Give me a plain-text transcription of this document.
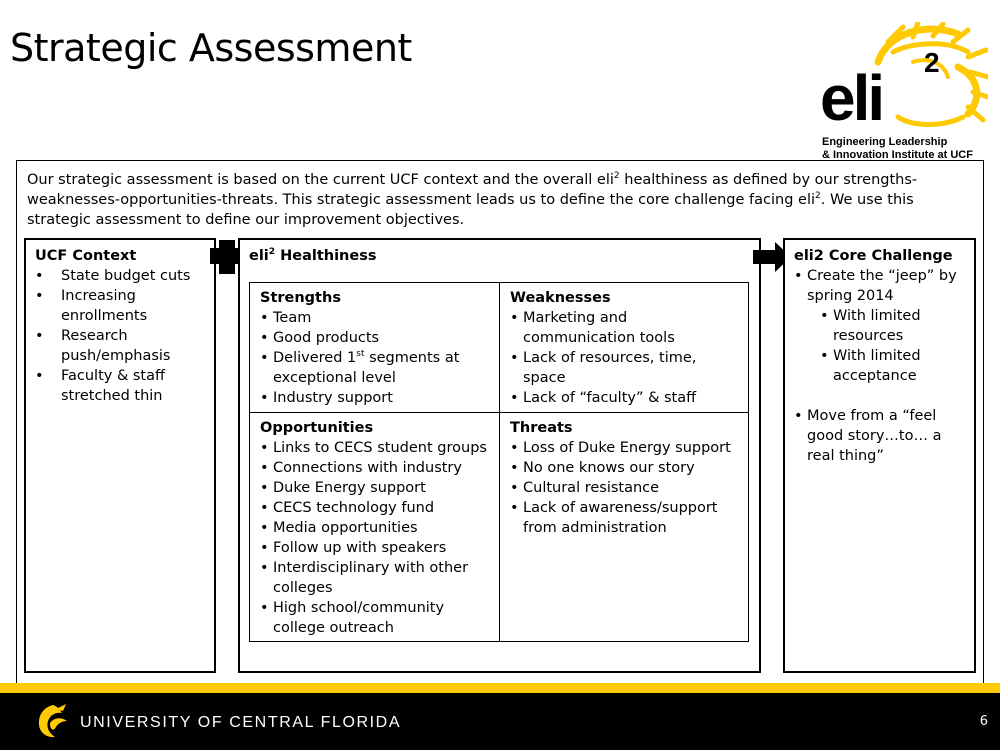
Strategic Assessment
eli 2
Engineering Leadership
& Innovation Institute at UCF
Our strategic assessment is based on the current UCF context and the overall eli$^2$ healthiness as defined by our strengths-weaknesses-opportunities-threats. This strategic assessment leads us to define the core challenge facing eli$^2$. We use this strategic assessment to define our improvement objectives.
UCF Context
• State budget cuts
• Increasing enrollments
• Research push/emphasis
• Faculty & staff stretched thin
eli$^2$ Healthiness
Strengths
• Team
• Good products
• Delivered 1st segments at exceptional level
• Industry support
Weaknesses
• Marketing and communication tools
• Lack of resources, time, space
• Lack of “faculty” & staff
Opportunities
• Links to CECS student groups
• Connections with industry
• Duke Energy support
• CECS technology fund
• Media opportunities
• Follow up with speakers
• Interdisciplinary with other colleges
• High school/community college outreach
Threats
• Loss of Duke Energy support
• No one knows our story
• Cultural resistance
• Lack of awareness/support from administration
eli2 Core Challenge
• Create the “jeep” by spring 2014
• With limited resources
• With limited acceptance
• Move from a “feel good story…to… a real thing”
UNIVERSITY OF CENTRAL FLORIDA	6
